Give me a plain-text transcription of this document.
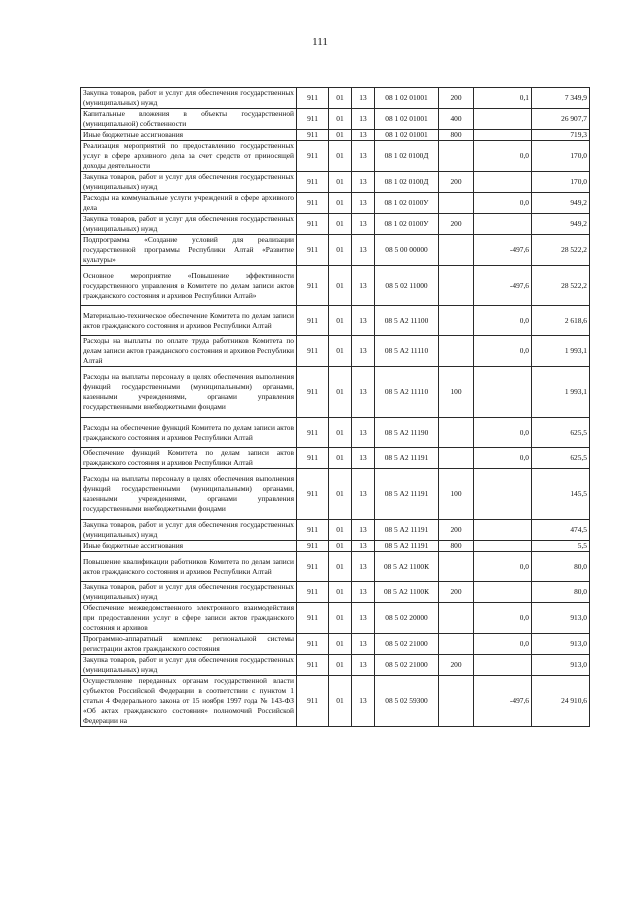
111
Закупка товаров, работ и услуг для обеспечения государственных (муниципальных) нужд	911	01	13	08 1 02 01001	200	0,1	7 349,9
Капитальные вложения в объекты государственной (муниципальной) собственности	911	01	13	08 1 02 01001	400		26 907,7
Иные бюджетные ассигнования	911	01	13	08 1 02 01001	800		719,3
Реализация мероприятий по предоставлению государственных услуг в сфере архивного дела за счет средств от приносящей доходы деятельности	911	01	13	08 1 02 0100Д		0,0	170,0
Закупка товаров, работ и услуг для обеспечения государственных (муниципальных) нужд	911	01	13	08 1 02 0100Д	200		170,0
Расходы на коммунальные услуги учреждений в сфере архивного дела	911	01	13	08 1 02 0100У		0,0	949,2
Закупка товаров, работ и услуг для обеспечения государственных (муниципальных) нужд	911	01	13	08 1 02 0100У	200		949,2
Подпрограмма «Создание условий для реализации государственной программы Республики Алтай «Развитие культуры»	911	01	13	08 5 00 00000		-497,6	28 522,2
Основное мероприятие «Повышение эффективности государственного управления в Комитете по делам записи актов гражданского состояния и архивов Республики Алтай»	911	01	13	08 5 02 11000		-497,6	28 522,2
Материально-техническое обеспечение Комитета по делам записи актов гражданского состояния и архивов Республики Алтай	911	01	13	08 5 А2 11100		0,0	2 618,6
Расходы на выплаты по оплате труда работников Комитета по делам записи актов гражданского состояния и архивов Республики Алтай	911	01	13	08 5 А2 11110		0,0	1 993,1
Расходы на выплаты персоналу в целях обеспечения выполнения функций государственными (муниципальными) органами, казенными учреждениями, органами управления государственными внебюджетными фондами	911	01	13	08 5 А2 11110	100		1 993,1
Расходы на обеспечение функций Комитета по делам записи актов гражданского состояния и архивов Республики Алтай	911	01	13	08 5 А2 11190		0,0	625,5
Обеспечение функций Комитета по делам записи актов гражданского состояния и архивов Республики Алтай	911	01	13	08 5 А2 11191		0,0	625,5
Расходы на выплаты персоналу в целях обеспечения выполнения функций государственными (муниципальными) органами, казенными учреждениями, органами управления государственными внебюджетными фондами	911	01	13	08 5 А2 11191	100		145,5
Закупка товаров, работ и услуг для обеспечения государственных (муниципальных) нужд	911	01	13	08 5 А2 11191	200		474,5
Иные бюджетные ассигнования	911	01	13	08 5 А2 11191	800		5,5
Повышение квалификации работников Комитета по делам записи актов гражданского состояния и архивов Республики Алтай	911	01	13	08 5 А2 1100К		0,0	80,0
Закупка товаров, работ и услуг для обеспечения государственных (муниципальных) нужд	911	01	13	08 5 А2 1100К	200		80,0
Обеспечение межведомственного электронного взаимодействия при предоставлении услуг в сфере записи актов гражданского состояния и архивов	911	01	13	08 5 02 20000		0,0	913,0
Программно-аппаратный комплекс региональной системы регистрации актов гражданского состояния	911	01	13	08 5 02 21000		0,0	913,0
Закупка товаров, работ и услуг для обеспечения государственных (муниципальных) нужд	911	01	13	08 5 02 21000	200		913,0
Осуществление переданных органам государственной власти субъектов Российской Федерации в соответствии с пунктом 1 статьи 4 Федерального закона от 15 ноября 1997 года № 143-ФЗ «Об актах гражданского состояния» полномочий Российской Федерации на	911	01	13	08 5 02 59300		-497,6	24 910,6
